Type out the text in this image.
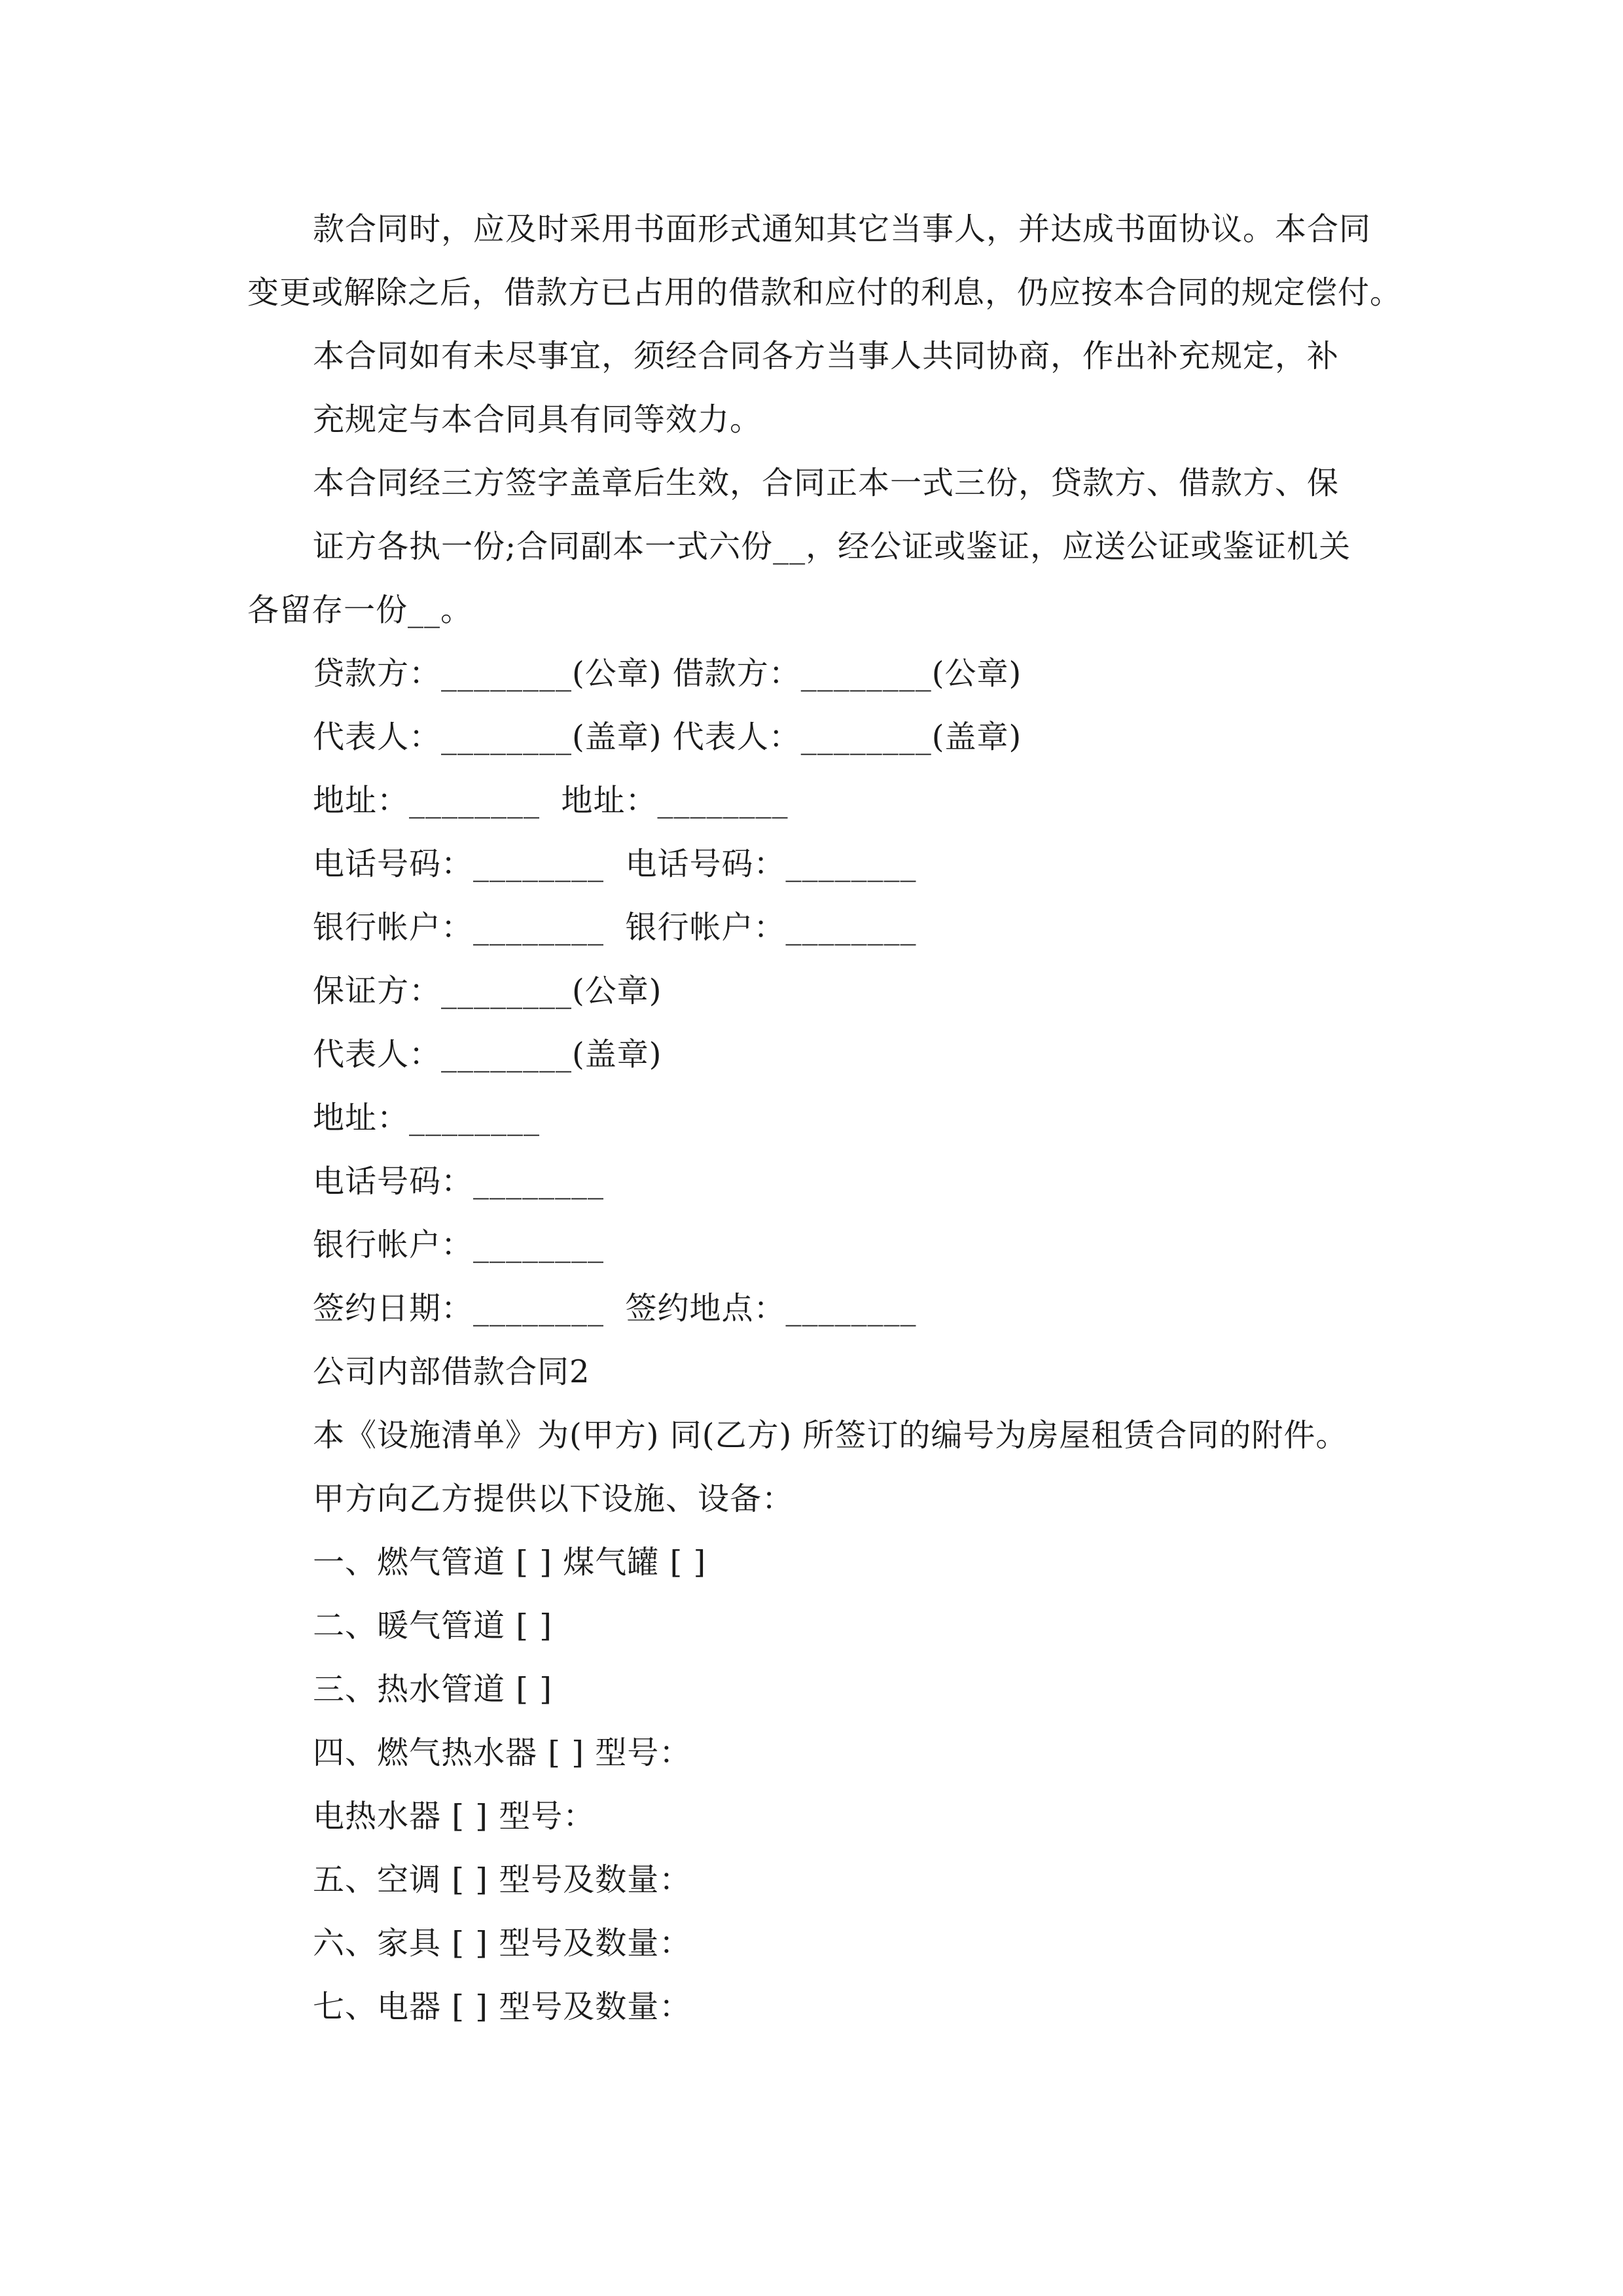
款合同时，应及时采用书面形式通知其它当事人，并达成书面协议。本合同
变更或解除之后，借款方已占用的借款和应付的利息，仍应按本合同的规定偿付。
本合同如有未尽事宜，须经合同各方当事人共同协商，作出补充规定，补
充规定与本合同具有同等效力。
本合同经三方签字盖章后生效，合同正本一式三份，贷款方、借款方、保
证方各执一份;合同副本一式六份__，经公证或鉴证，应送公证或鉴证机关
各留存一份__。
贷款方：________(公章) 借款方：________(公章)
代表人：________(盖章) 代表人：________(盖章)
地址：________  地址：________
电话号码：________  电话号码：________
银行帐户：________  银行帐户：________
保证方：________(公章)
代表人：________(盖章)
地址：________
电话号码：________
银行帐户：________
签约日期：________  签约地点：________
公司内部借款合同2
本《设施清单》为(甲方) 同(乙方) 所签订的编号为房屋租赁合同的附件。
甲方向乙方提供以下设施、设备：
一、燃气管道 [ ] 煤气罐 [ ]
二、暖气管道 [ ]
三、热水管道 [ ]
四、燃气热水器 [ ] 型号：
电热水器 [ ] 型号：
五、空调 [ ] 型号及数量：
六、家具 [ ] 型号及数量：
七、电器 [ ] 型号及数量：
